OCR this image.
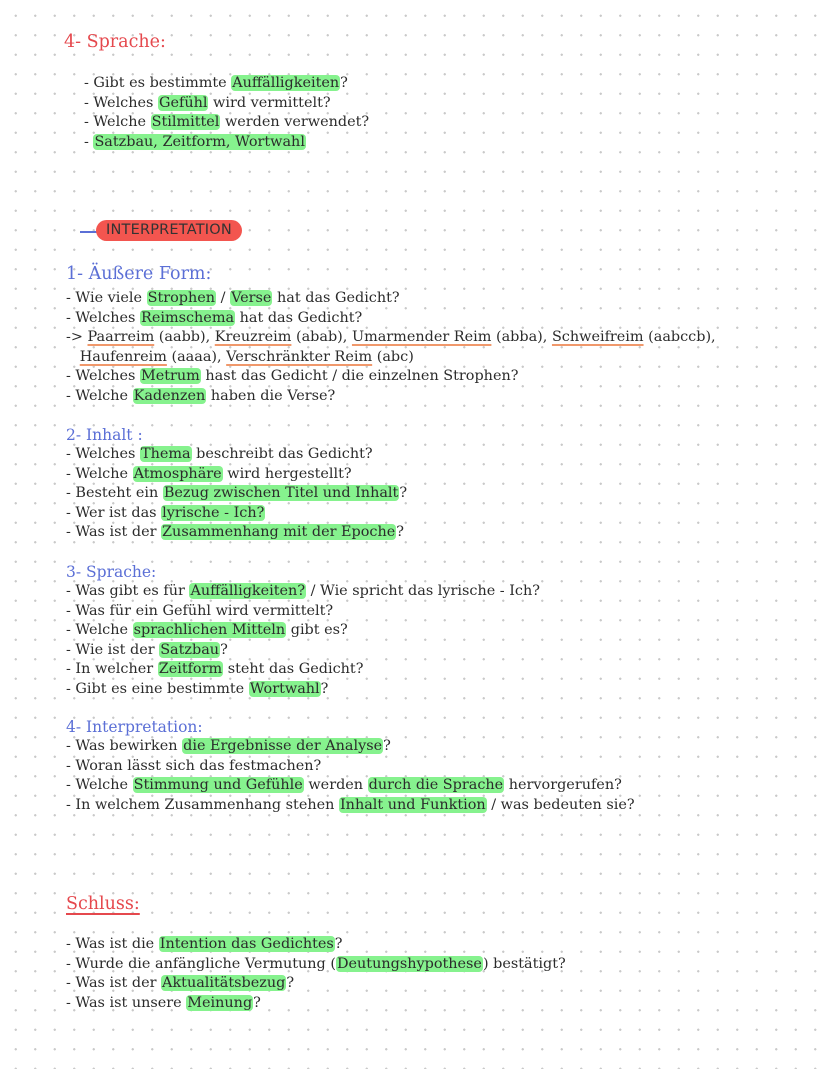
4- Sprache:
- Gibt es bestimmte Auffälligkeiten?
- Welches Gefühl wird vermittelt?
- Welche Stilmittel werden verwendet?
- Satzbau, Zeitform, Wortwahl
INTERPRETATION
1- Äußere Form:
- Wie viele Strophen / Verse hat das Gedicht?
- Welches Reimschema hat das Gedicht?
-> Paarreim (aabb), Kreuzreim (abab), Umarmender Reim (abba), Schweifreim (aabccb),
Haufenreim (aaaa), Verschränkter Reim (abc)
- Welches Metrum hast das Gedicht / die einzelnen Strophen?
- Welche Kadenzen haben die Verse?
2- Inhalt :
- Welches Thema beschreibt das Gedicht?
- Welche Atmosphäre wird hergestellt?
- Besteht ein Bezug zwischen Titel und Inhalt?
- Wer ist das lyrische - Ich?
- Was ist der Zusammenhang mit der Epoche?
3- Sprache:
- Was gibt es für Auffälligkeiten? / Wie spricht das lyrische - Ich?
- Was für ein Gefühl wird vermittelt?
- Welche sprachlichen Mitteln gibt es?
- Wie ist der Satzbau?
- In welcher Zeitform steht das Gedicht?
- Gibt es eine bestimmte Wortwahl?
4- Interpretation:
- Was bewirken die Ergebnisse der Analyse?
- Woran lässt sich das festmachen?
- Welche Stimmung und Gefühle werden durch die Sprache hervorgerufen?
- In welchem Zusammenhang stehen Inhalt und Funktion / was bedeuten sie?
Schluss:
- Was ist die Intention das Gedichtes?
- Wurde die anfängliche Vermutung (Deutungshypothese) bestätigt?
- Was ist der Aktualitätsbezug?
- Was ist unsere Meinung?
